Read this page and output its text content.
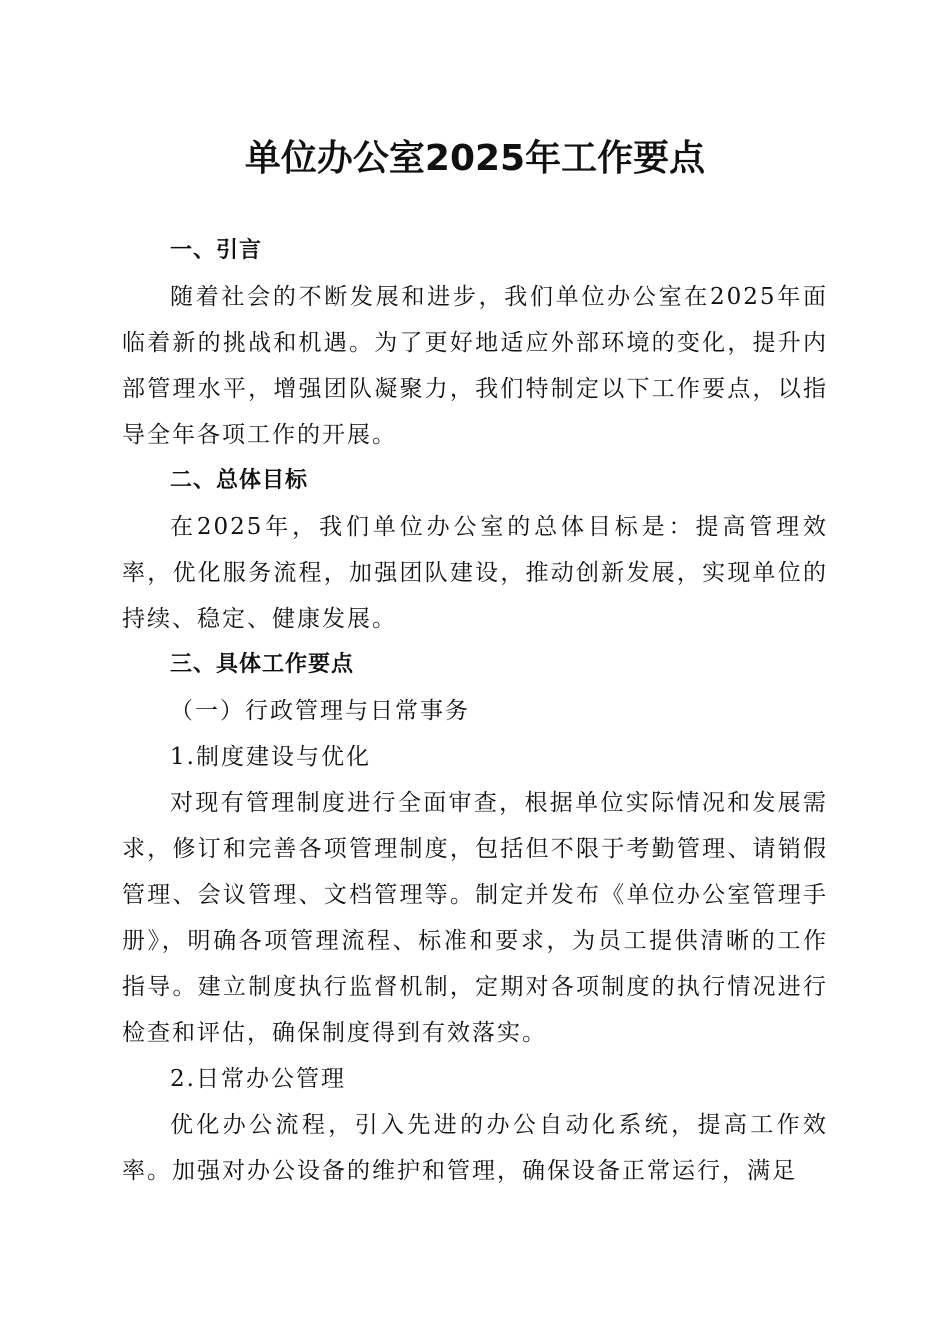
单位办公室2025年工作要点

一、引言

随着社会的不断发展和进步，我们单位办公室在2025年面临着新的挑战和机遇。为了更好地适应外部环境的变化，提升内部管理水平，增强团队凝聚力，我们特制定以下工作要点，以指导全年各项工作的开展。

二、总体目标

在2025年，我们单位办公室的总体目标是：提高管理效率，优化服务流程，加强团队建设，推动创新发展，实现单位的持续、稳定、健康发展。

三、具体工作要点

（一）行政管理与日常事务

1.制度建设与优化

对现有管理制度进行全面审查，根据单位实际情况和发展需求，修订和完善各项管理制度，包括但不限于考勤管理、请销假管理、会议管理、文档管理等。制定并发布《单位办公室管理手册》，明确各项管理流程、标准和要求，为员工提供清晰的工作指导。建立制度执行监督机制，定期对各项制度的执行情况进行检查和评估，确保制度得到有效落实。

2.日常办公管理

优化办公流程，引入先进的办公自动化系统，提高工作效率。加强对办公设备的维护和管理，确保设备正常运行，满足
